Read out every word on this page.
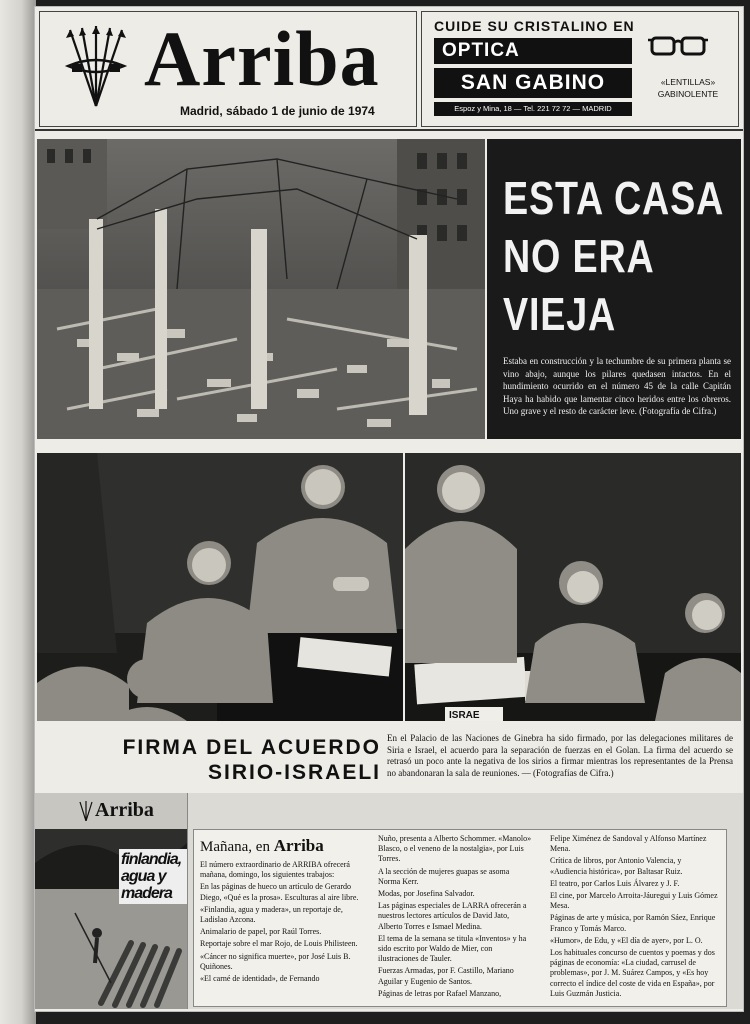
Arriba
Madrid, sábado 1 de junio de 1974
CUIDE SU CRISTALINO EN
OPTICA
SAN GABINO
Espoz y Mina, 18 — Tel. 221 72 72 — MADRID
«LENTILLAS»
GABINOLENTE
ESTA CASA
NO ERA
VIEJA
Estaba en construcción y la techumbre de su primera planta se vino abajo, aunque los pilares quedasen intactos. En el hundimiento ocurrido en el número 45 de la calle Capitán Haya ha habido que lamentar cinco heridos entre los obreros. Uno grave y el resto de carácter leve. (Fotografía de Cifra.)
ISRAE
FIRMA DEL ACUERDO
SIRIO-ISRAELI
En el Palacio de las Naciones de Ginebra ha sido firmado, por las delegaciones militares de Siria e Israel, el acuerdo para la separación de fuerzas en el Golan. La firma del acuerdo se retrasó un poco ante la negativa de los sirios a firmar mientras los representantes de la Prensa no abandonaran la sala de reuniones. — (Fotografías de Cifra.)
Arriba
finlandia,
agua y
madera
Mañana, en Arriba

El número extraordinario de ARRIBA ofrecerá mañana, domingo, los siguientes trabajos:

En las páginas de hueco un artículo de Gerardo Diego, «Qué es la prosa». Esculturas al aire libre.

«Finlandia, agua y madera», un reportaje de, Ladislao Azcona.

Animalario de papel, por Raúl Torres.

Reportaje sobre el mar Rojo, de Louis Philisteen.

«Cáncer no significa muerte», por José Luis B. Quiñones.

«El carné de identidad», de Fernando

Nuño, presenta a Alberto Schommer. «Manolo» Blasco, o el veneno de la nostalgia», por Luis Torres.

A la sección de mujeres guapas se asoma Norma Kerr.

Modas, por Josefina Salvador.

Las páginas especiales de LARRA ofrecerán a nuestros lectores artículos de David Jato, Alberto Torres e Ismael Medina.

El tema de la semana se titula «Inventos» y ha sido escrito por Waldo de Mier, con ilustraciones de Tauler.

Fuerzas Armadas, por F. Castillo, Mariano Aguilar y Eugenio de Santos.

Páginas de letras por Rafael Manzano,

Felipe Ximénez de Sandoval y Alfonso Martínez Mena.

Crítica de libros, por Antonio Valencia, y «Audiencia histórica», por Baltasar Ruiz.

El teatro, por Carlos Luis Álvarez y J. F.

El cine, por Marcelo Arroita-Jáuregui y Luis Gómez Mesa.

Páginas de arte y música, por Ramón Sáez, Enrique Franco y Tomás Marco.

«Humor», de Edu, y «El día de ayer», por L. O.

Los habituales concurso de cuentos y poemas y dos páginas de economía: «La ciudad, carrusel de problemas», por J. M. Suárez Campos, y «Es hoy correcto el índice del coste de vida en España», por Luis Guzmán Justicia.
